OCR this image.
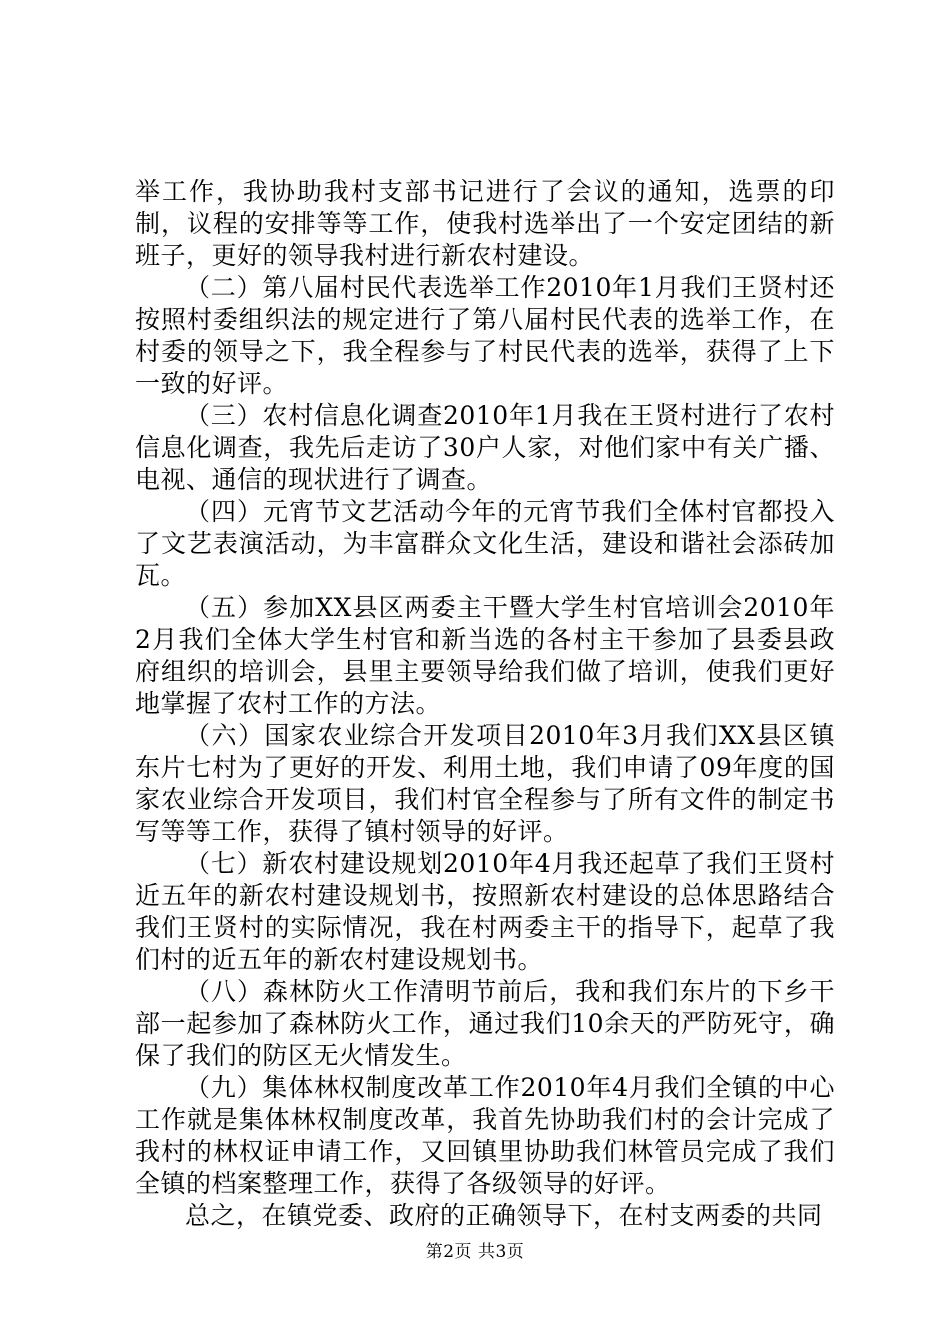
举工作，我协助我村支部书记进行了会议的通知，选票的印制，议程的安排等等工作，使我村选举出了一个安定团结的新班子，更好的领导我村进行新农村建设。

（二）第八届村民代表选举工作2010年1月我们王贤村还按照村委组织法的规定进行了第八届村民代表的选举工作，在村委的领导之下，我全程参与了村民代表的选举，获得了上下一致的好评。

（三）农村信息化调查2010年1月我在王贤村进行了农村信息化调查，我先后走访了30户人家，对他们家中有关广播、电视、通信的现状进行了调查。

（四）元宵节文艺活动今年的元宵节我们全体村官都投入了文艺表演活动，为丰富群众文化生活，建设和谐社会添砖加瓦。

（五）参加XX县区两委主干暨大学生村官培训会2010年2月我们全体大学生村官和新当选的各村主干参加了县委县政府组织的培训会，县里主要领导给我们做了培训，使我们更好地掌握了农村工作的方法。

（六）国家农业综合开发项目2010年3月我们XX县区镇东片七村为了更好的开发、利用土地，我们申请了09年度的国家农业综合开发项目，我们村官全程参与了所有文件的制定书写等等工作，获得了镇村领导的好评。

（七）新农村建设规划2010年4月我还起草了我们王贤村近五年的新农村建设规划书，按照新农村建设的总体思路结合我们王贤村的实际情况，我在村两委主干的指导下，起草了我们村的近五年的新农村建设规划书。

（八）森林防火工作清明节前后，我和我们东片的下乡干部一起参加了森林防火工作，通过我们10余天的严防死守，确保了我们的防区无火情发生。

（九）集体林权制度改革工作2010年4月我们全镇的中心工作就是集体林权制度改革，我首先协助我们村的会计完成了我村的林权证申请工作，又回镇里协助我们林管员完成了我们全镇的档案整理工作，获得了各级领导的好评。

总之，在镇党委、政府的正确领导下，在村支两委的共同

第2页 共3页
